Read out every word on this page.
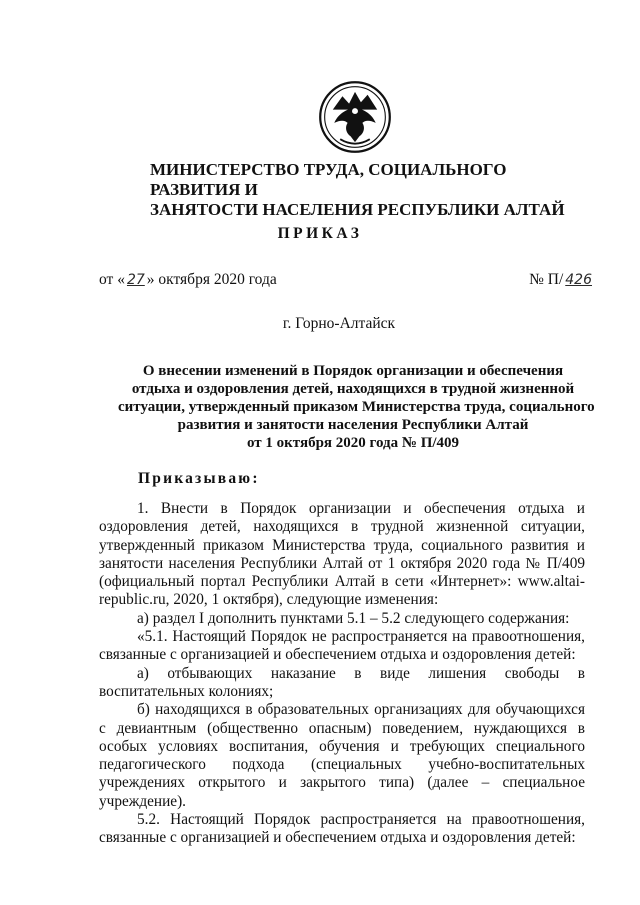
МИНИСТЕРСТВО ТРУДА, СОЦИАЛЬНОГО РАЗВИТИЯ И
ЗАНЯТОСТИ НАСЕЛЕНИЯ РЕСПУБЛИКИ АЛТАЙ
ПРИКАЗ
от « 27 » октября 2020 года	№ П/ 426
г. Горно-Алтайск
О внесении изменений в Порядок организации и обеспечения
отдыха и оздоровления детей, находящихся в трудной жизненной
ситуации, утвержденный приказом Министерства труда, социального
развития и занятости населения Республики Алтай
от 1 октября 2020 года № П/409
Приказываю:

1. Внести в Порядок организации и обеспечения отдыха и оздоровления детей, находящихся в трудной жизненной ситуации, утвержденный приказом Министерства труда, социального развития и занятости населения Республики Алтай от 1 октября 2020 года № П/409 (официальный портал Республики Алтай в сети «Интернет»: www.altai-republic.ru, 2020, 1 октября), следующие изменения:

а) раздел I дополнить пунктами 5.1 – 5.2 следующего содержания:

«5.1. Настоящий Порядок не распространяется на правоотношения, связанные с организацией и обеспечением отдыха и оздоровления детей:

а) отбывающих наказание в виде лишения свободы в воспитательных колониях;

б) находящихся в образовательных организациях для обучающихся с девиантным (общественно опасным) поведением, нуждающихся в особых условиях воспитания, обучения и требующих специального педагогического подхода (специальных учебно-воспитательных учреждениях открытого и закрытого типа) (далее – специальное учреждение).

5.2. Настоящий Порядок распространяется на правоотношения, связанные с организацией и обеспечением отдыха и оздоровления детей:
